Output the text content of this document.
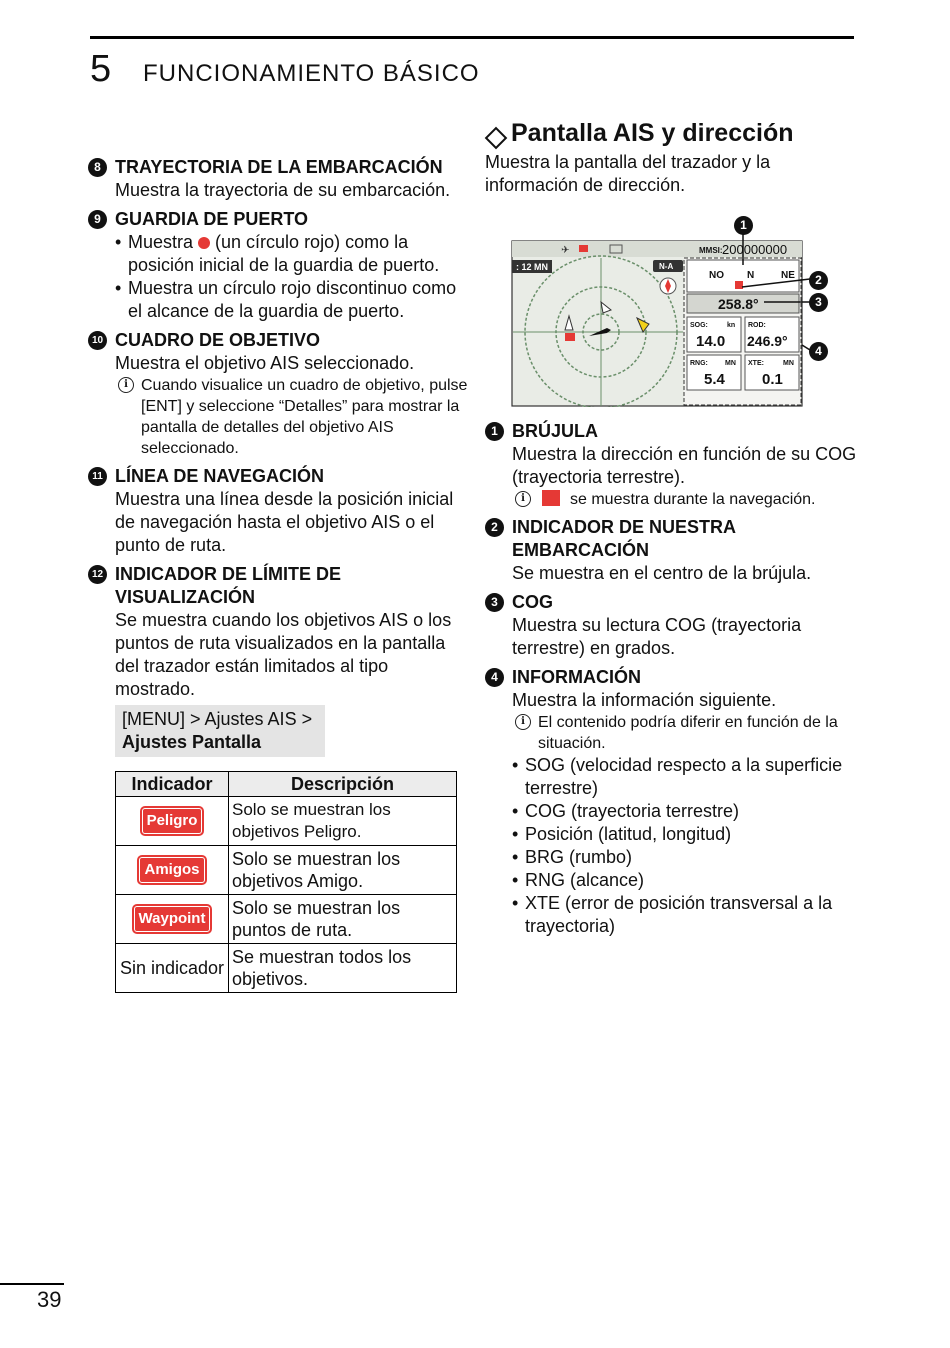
5 FUNCIONAMIENTO BÁSICO
8 TRAYECTORIA DE LA EMBARCACIÓN
Muestra la trayectoria de su embarcación.
9 GUARDIA DE PUERTO
• Muestra  (un círculo rojo) como la posición inicial de la guardia de puerto.
• Muestra un círculo rojo discontinuo como el alcance de la guardia de puerto.
10 CUADRO DE OBJETIVO
Muestra el objetivo AIS seleccionado.
i Cuando visualice un cuadro de objetivo, pulse [ENT] y seleccione “Detalles” para mostrar la pantalla de detalles del objetivo AIS seleccionado.
11 LÍNEA DE NAVEGACIÓN
Muestra una línea desde la posición inicial de navegación hasta el objetivo AIS o el punto de ruta.
12 INDICADOR DE LÍMITE DE VISUALIZACIÓN
Se muestra cuando los objetivos AIS o los puntos de ruta visualizados en la pantalla del trazador están limitados al tipo mostrado.
[MENU] > Ajustes AIS >
Ajustes Pantalla
Indicador	Descripción
Peligro	Solo se muestran los objetivos Peligro.
Amigos	Solo se muestran los objetivos Amigo.
Waypoint	Solo se muestran los puntos de ruta.
Sin indicador	Se muestran todos los objetivos.
Pantalla AIS y dirección
Muestra la pantalla del trazador y la información de dirección.
✈	MMSI: 200000000
: 12 MN	N-A
NO N	NE
258.8°
SOG:	kn
14.0
ROD:
246.9°
RNG: MN
5.4
XTE:	MN
0.1
1
2
3
4
1 BRÚJULA
Muestra la dirección en función de su COG (trayectoria terrestre).
i	se muestra durante la navegación.
2 INDICADOR DE NUESTRA EMBARCACIÓN
Se muestra en el centro de la brújula.
3 COG
Muestra su lectura COG (trayectoria terrestre) en grados.
4 INFORMACIÓN
Muestra la información siguiente.
i El contenido podría diferir en función de la situación.
• SOG (velocidad respecto a la superficie terrestre)
• COG (trayectoria terrestre)
• Posición (latitud, longitud)
• BRG (rumbo)
• RNG (alcance)
• XTE (error de posición transversal a la trayectoria)
39
